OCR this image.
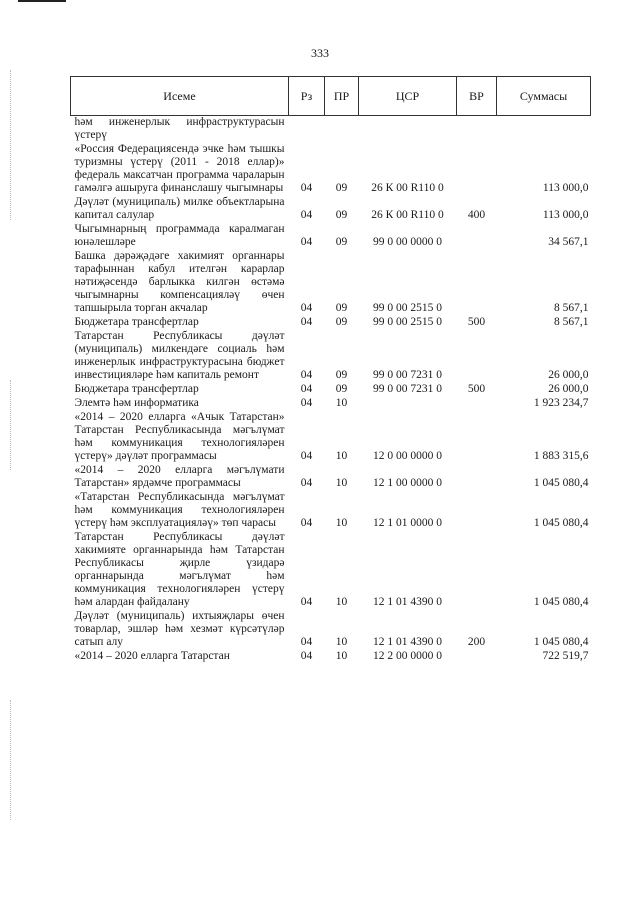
333
Исеме	Рз	ПР	ЦСР	ВР	Суммасы
һәм инженерлык инфраструктурасын үстерү					
«Россия Федерациясендә эчке һәм тышкы туризмны үстерү (2011 - 2018 еллар)» федераль максатчан программа чараларын гамәлгә ашыруга финанслашу чыгымнары	04	09	26 К 00 R110 0		113 000,0
Дәүләт (муниципаль) милке объектларына капитал салулар	04	09	26 К 00 R110 0	400	113 000,0
Чыгымнарның программада каралмаган юнәлешләре	04	09	99 0 00 0000 0		34 567,1
Башка дәрәҗәдәге хакимият органнары тарафыннан кабул ителгән карарлар нәтиҗәсендә барлыкка килгән өстәмә чыгымнарны компенсацияләү өчен тапшырыла торган акчалар	04	09	99 0 00 2515 0		8 567,1
Бюджетара трансфертлар	04	09	99 0 00 2515 0	500	8 567,1
Татарстан Республикасы дәүләт (муниципаль) милкендәге социаль һәм инженерлык инфраструктурасына бюджет инвестицияләре һәм капиталь ремонт	04	09	99 0 00 7231 0		26 000,0
Бюджетара трансфертлар	04	09	99 0 00 7231 0	500	26 000,0
Элемтә һәм информатика	04	10			1 923 234,7
«2014 – 2020 елларга «Ачык Татарстан» Татарстан Республикасында мәгълүмат һәм коммуникация технологияләрен үстерү» дәүләт программасы	04	10	12 0 00 0000 0		1 883 315,6
«2014 – 2020 елларга мәгълүмати Татарстан» ярдәмче программасы	04	10	12 1 00 0000 0		1 045 080,4
«Татарстан Республикасында мәгълүмат һәм коммуникация технологияләрен үстерү һәм эксплуатацияләү» төп чарасы	04	10	12 1 01 0000 0		1 045 080,4
Татарстан Республикасы дәүләт хакимияте органнарында һәм Татарстан Республикасы җирле үзидарә органнарында мәгълүмат һәм коммуникация технологияләрен үстерү һәм алардан файдалану	04	10	12 1 01 4390 0		1 045 080,4
Дәүләт (муниципаль) ихтыяҗлары өчен товарлар, эшләр һәм хезмәт күрсәтүләр сатып алу	04	10	12 1 01 4390 0	200	1 045 080,4
«2014 – 2020 елларга Татарстан	04	10	12 2 00 0000 0		722 519,7
